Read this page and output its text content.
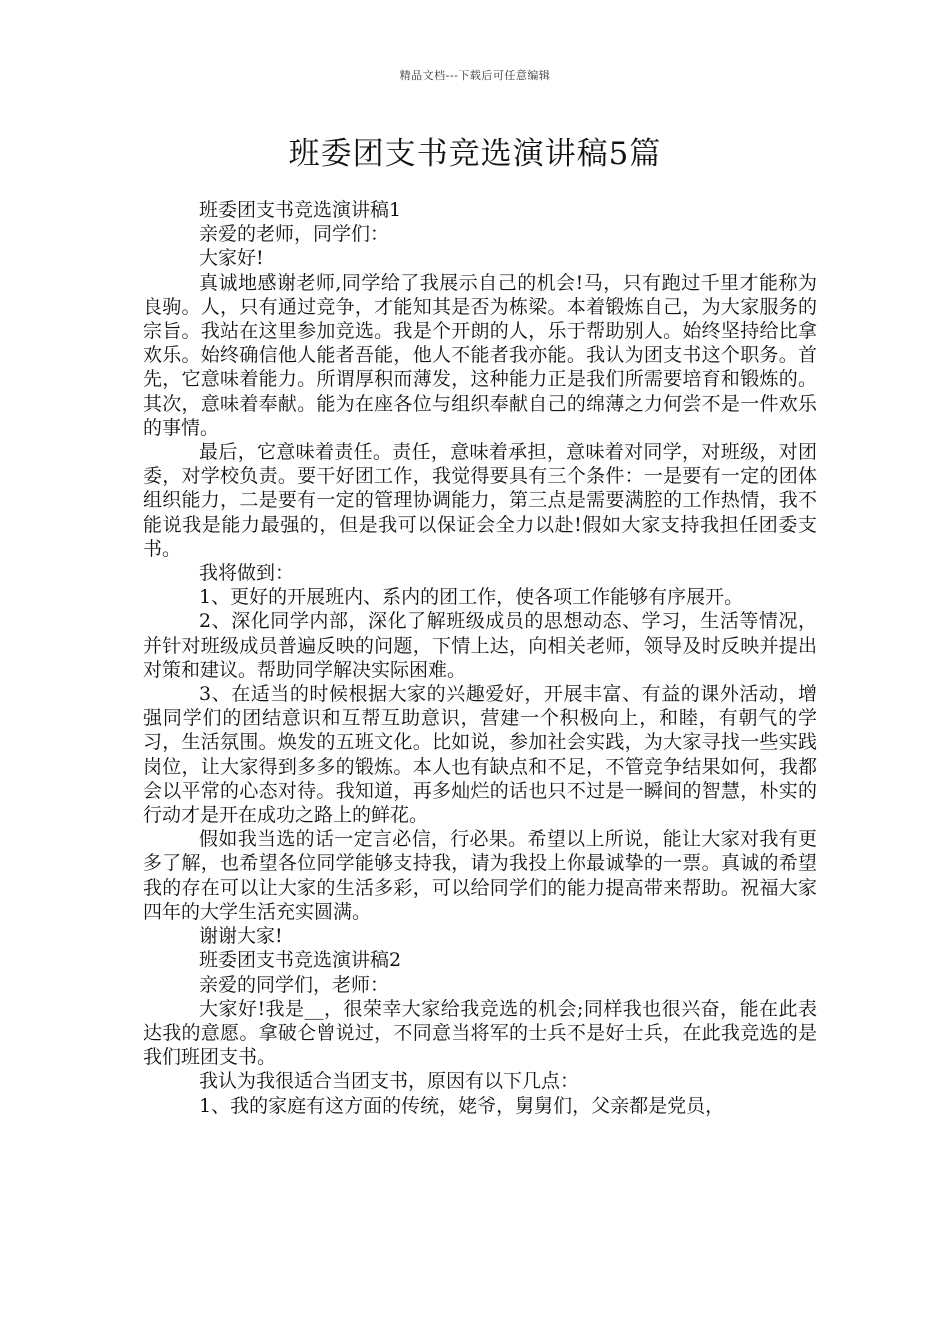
精品文档---下载后可任意编辑
班委团支书竞选演讲稿5篇

班委团支书竞选演讲稿1

亲爱的老师，同学们：

大家好!

真诚地感谢老师,同学给了我展示自己的机会!马，只有跑过千里才能称为良驹。人，只有通过竞争，才能知其是否为栋梁。本着锻炼自己，为大家服务的宗旨。我站在这里参加竞选。我是个开朗的人，乐于帮助别人。始终坚持给比拿欢乐。始终确信他人能者吾能，他人不能者我亦能。我认为团支书这个职务。首先，它意味着能力。所谓厚积而薄发，这种能力正是我们所需要培育和锻炼的。其次，意味着奉献。能为在座各位与组织奉献自己的绵薄之力何尝不是一件欢乐的事情。

最后，它意味着责任。责任，意味着承担，意味着对同学，对班级，对团委，对学校负责。要干好团工作，我觉得要具有三个条件：一是要有一定的团体组织能力，二是要有一定的管理协调能力，第三点是需要满腔的工作热情，我不能说我是能力最强的，但是我可以保证会全力以赴!假如大家支持我担任团委支书。

我将做到：

1、更好的开展班内、系内的团工作，使各项工作能够有序展开。

2、深化同学内部，深化了解班级成员的思想动态、学习，生活等情况，并针对班级成员普遍反映的问题，下情上达，向相关老师，领导及时反映并提出对策和建议。帮助同学解决实际困难。

3、在适当的时候根据大家的兴趣爱好，开展丰富、有益的课外活动，增强同学们的团结意识和互帮互助意识，营建一个积极向上，和睦，有朝气的学习，生活氛围。焕发的五班文化。比如说，参加社会实践，为大家寻找一些实践岗位，让大家得到多多的锻炼。本人也有缺点和不足，不管竞争结果如何，我都会以平常的心态对待。我知道，再多灿烂的话也只不过是一瞬间的智慧，朴实的行动才是开在成功之路上的鲜花。

假如我当选的话一定言必信，行必果。希望以上所说，能让大家对我有更多了解，也希望各位同学能够支持我，请为我投上你最诚挚的一票。真诚的希望我的存在可以让大家的生活多彩，可以给同学们的能力提高带来帮助。祝福大家四年的大学生活充实圆满。

谢谢大家!

班委团支书竞选演讲稿2

亲爱的同学们，老师：

大家好!我是__，很荣幸大家给我竞选的机会;同样我也很兴奋，能在此表达我的意愿。拿破仑曾说过，不同意当将军的士兵不是好士兵，在此我竞选的是我们班团支书。

我认为我很适合当团支书，原因有以下几点：

1、我的家庭有这方面的传统，姥爷，舅舅们，父亲都是党员，
